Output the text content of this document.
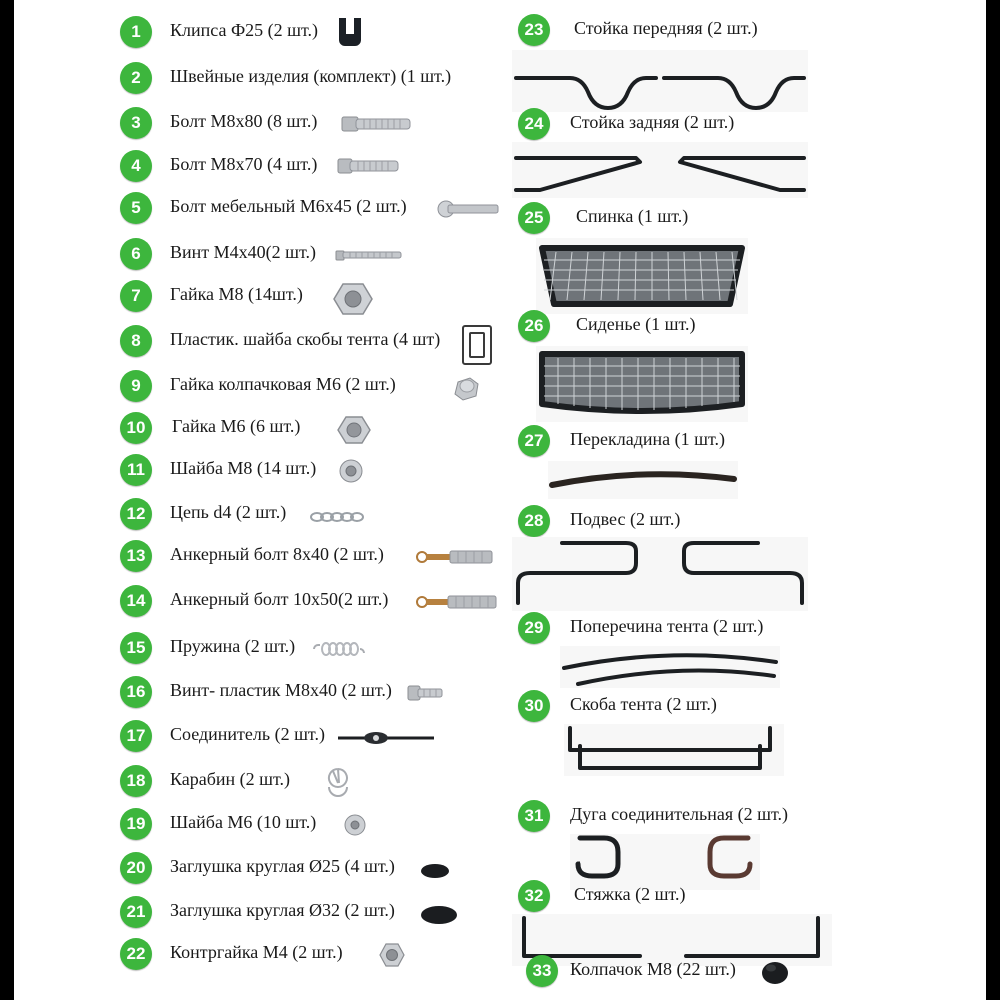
1	Клипса Ф25 (2 шт.)
2	Швейные изделия (комплект) (1 шт.)
3	Болт M8x80 (8 шт.)
4	Болт M8x70 (4 шт.)
5	Болт мебельный M6x45 (2 шт.)
6	Винт M4x40(2 шт.)
7	Гайка M8 (14шт.)
8	Пластик. шайба скобы тента (4 шт)
9	Гайка колпачковая M6 (2 шт.)
10	Гайка M6 (6 шт.)
11	Шайба M8 (14 шт.)
12	Цепь d4 (2 шт.)
13	Анкерный болт 8x40 (2 шт.)
14	Анкерный болт 10x50(2 шт.)
15	Пружина (2 шт.)
16	Винт- пластик M8x40 (2 шт.)
17	Соединитель (2 шт.)
18	Карабин (2 шт.)
19	Шайба M6 (10 шт.)
20	Заглушка круглая Ø25 (4 шт.)
21	Заглушка круглая Ø32 (2 шт.)
22	Контргайка M4 (2 шт.)
23	Стойка передняя (2 шт.)
24	Стойка задняя (2 шт.)
25	Спинка (1 шт.)
26	Сиденье (1 шт.)
27	Перекладина (1 шт.)
28	Подвес (2 шт.)
29	Поперечина тента (2 шт.)
30	Скоба тента (2 шт.)
31	Дуга соединительная (2 шт.)
32	Стяжка (2 шт.)
33	Колпачок M8 (22 шт.)
